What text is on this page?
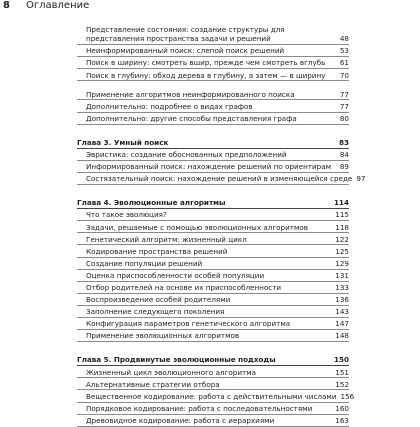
8 Оглавление
Представление состояния: создание структуры для представления пространства задачи и решений	48
Неинформированный поиск: слепой поиск решений	53
Поиск в ширину: смотреть вшир, прежде чем смотреть вглубь	61
Поиск в глубину: обход дерева в глубину, а затем — в ширину	70
Применение алгоритмов неинформированного поиска	77
Дополнительно: подробнее о видах графов	77
Дополнительно: другие способы представления графа	80
Глава 3. Умный поиск	83
Эвристика: создание обоснованных предположений	84
Информированный поиск: нахождение решений по ориентирам	89
Состязательный поиск: нахождение решений в изменяющейся среде 97
Глава 4. Эволюционные алгоритмы	114
Что такое эволюция?	115
Задачи, решаемые с помощью эволюционных алгоритмов	118
Генетический алгоритм: жизненный цикл	122
Кодирование пространства решений	125
Создание популяции решений	129
Оценка приспособленности особей популяции	131
Отбор родителей на основе их приспособленности	133
Воспроизведение особей родителями	136
Заполнение следующего поколения	143
Конфигурация параметров генетического алгоритма	147
Применение эволюционных алгоритмов	148
Глава 5. Продвинутые эволюционные подходы	150
Жизненный цикл эволюционного алгоритма	151
Альтернативные стратегии отбора	152
Вещественное кодирование: работа с действительными числами 156
Порядковое кодирование: работа с последовательностями	160
Древовидное кодирование: работа с иерархиями	163
